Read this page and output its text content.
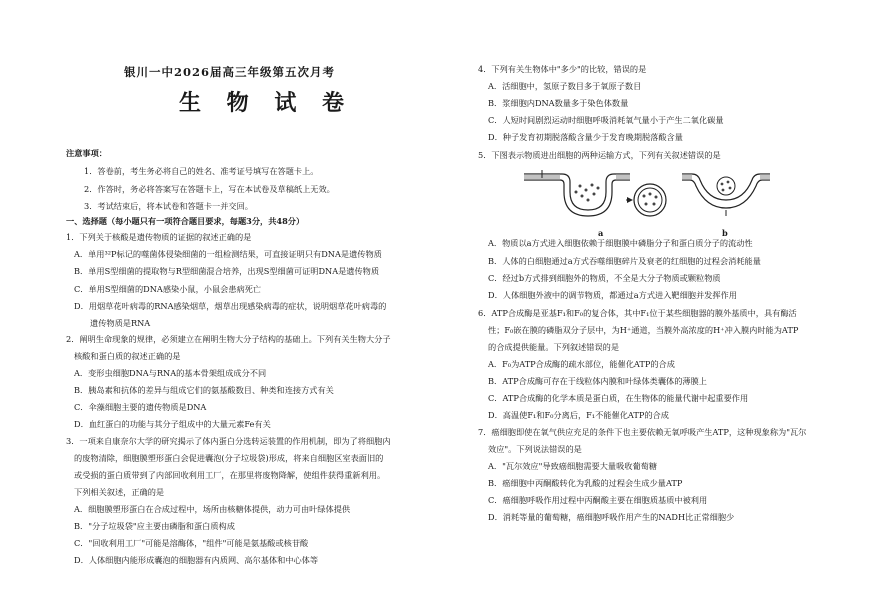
银川一中2026届高三年级第五次月考
生 物 试 卷
注意事项：
1．答卷前，考生务必将自己的姓名、准考证号填写在答题卡上。
2．作答时，务必将答案写在答题卡上，写在本试卷及草稿纸上无效。
3．考试结束后，将本试卷和答题卡一并交回。
一、选择题（每小题只有一项符合题目要求，每题3分，共48分）
1．下列关于核酸是遗传物质的证据的叙述正确的是
A．单用³²P标记的噬菌体侵染细菌的一组检测结果，可直接证明只有DNA是遗传物质
B．单用S型细菌的提取物与R型细菌混合培养，出现S型细菌可证明DNA是遗传物质
C．单用S型细菌的DNA感染小鼠，小鼠会患病死亡
D．用烟草花叶病毒的RNA感染烟草，烟草出现感染病毒的症状，说明烟草花叶病毒的
遗传物质是RNA
2．阐明生命现象的规律，必须建立在阐明生物大分子结构的基础上。下列有关生物大分子
核酸和蛋白质的叙述正确的是
A．变形虫细胞DNA与RNA的基本骨架组成成分不同
B．胰岛素和抗体的差异与组成它们的氨基酸数目、种类和连接方式有关
C．伞藻细胞主要的遗传物质是DNA
D．血红蛋白的功能与其分子组成中的大量元素Fe有关
3．一项来自康奈尔大学的研究揭示了体内蛋白分选转运装置的作用机制，即为了将细胞内
的废物清除，细胞膜塑形蛋白会促进囊泡(分子垃圾袋)形成，将来自细胞区室表面旧的
或受损的蛋白质带到了内部回收利用工厂，在那里将废物降解，使组件获得重新利用。
下列相关叙述，正确的是
A．细胞膜塑形蛋白在合成过程中，场所由核糖体提供，动力可由叶绿体提供
B．"分子垃圾袋"应主要由磷脂和蛋白质构成
C．"回收利用工厂"可能是溶酶体，"组件"可能是氨基酸或核苷酸
D．人体细胞内能形成囊泡的细胞器有内质网、高尔基体和中心体等
4．下列有关生物体中"多少"的比较，错误的是
A．活细胞中，氢原子数目多于氧原子数目
B．浆细胞内DNA数量多于染色体数量
C．人短时间剧烈运动时细胞呼吸消耗氧气量小于产生二氧化碳量
D．种子发育初期脱落酸含量少于发育晚期脱落酸含量
5．下图表示物质进出细胞的两种运输方式，下列有关叙述错误的是
a	b
A．物质以a方式进入细胞依赖于细胞膜中磷脂分子和蛋白质分子的流动性
B．人体的白细胞通过a方式吞噬细胞碎片及衰老的红细胞的过程会消耗能量
C．经过b方式排到细胞外的物质，不全是大分子物质或颗粒物质
D．人体细胞外液中的调节物质，都通过a方式进入靶细胞并发挥作用
6．ATP合成酶是亚基F₁和F₀的复合体，其中F₁位于某些细胞器的膜外基质中，具有酶活
性；F₀嵌在膜的磷脂双分子层中，为H⁺通道，当膜外高浓度的H⁺冲入膜内时能为ATP
的合成提供能量。下列叙述错误的是
A．F₀为ATP合成酶的疏水部位，能催化ATP的合成
B．ATP合成酶可存在于线粒体内膜和叶绿体类囊体的薄膜上
C．ATP合成酶的化学本质是蛋白质，在生物体的能量代谢中起重要作用
D．高温使F₁和F₀分离后，F₁不能催化ATP的合成
7．癌细胞即使在氧气供应充足的条件下也主要依赖无氧呼吸产生ATP，这种现象称为"瓦尔
效应"。下列说法错误的是
A．"瓦尔效应"导致癌细胞需要大量吸收葡萄糖
B．癌细胞中丙酮酸转化为乳酸的过程会生成少量ATP
C．癌细胞呼吸作用过程中丙酮酸主要在细胞质基质中被利用
D．消耗等量的葡萄糖，癌细胞呼吸作用产生的NADH比正常细胞少
